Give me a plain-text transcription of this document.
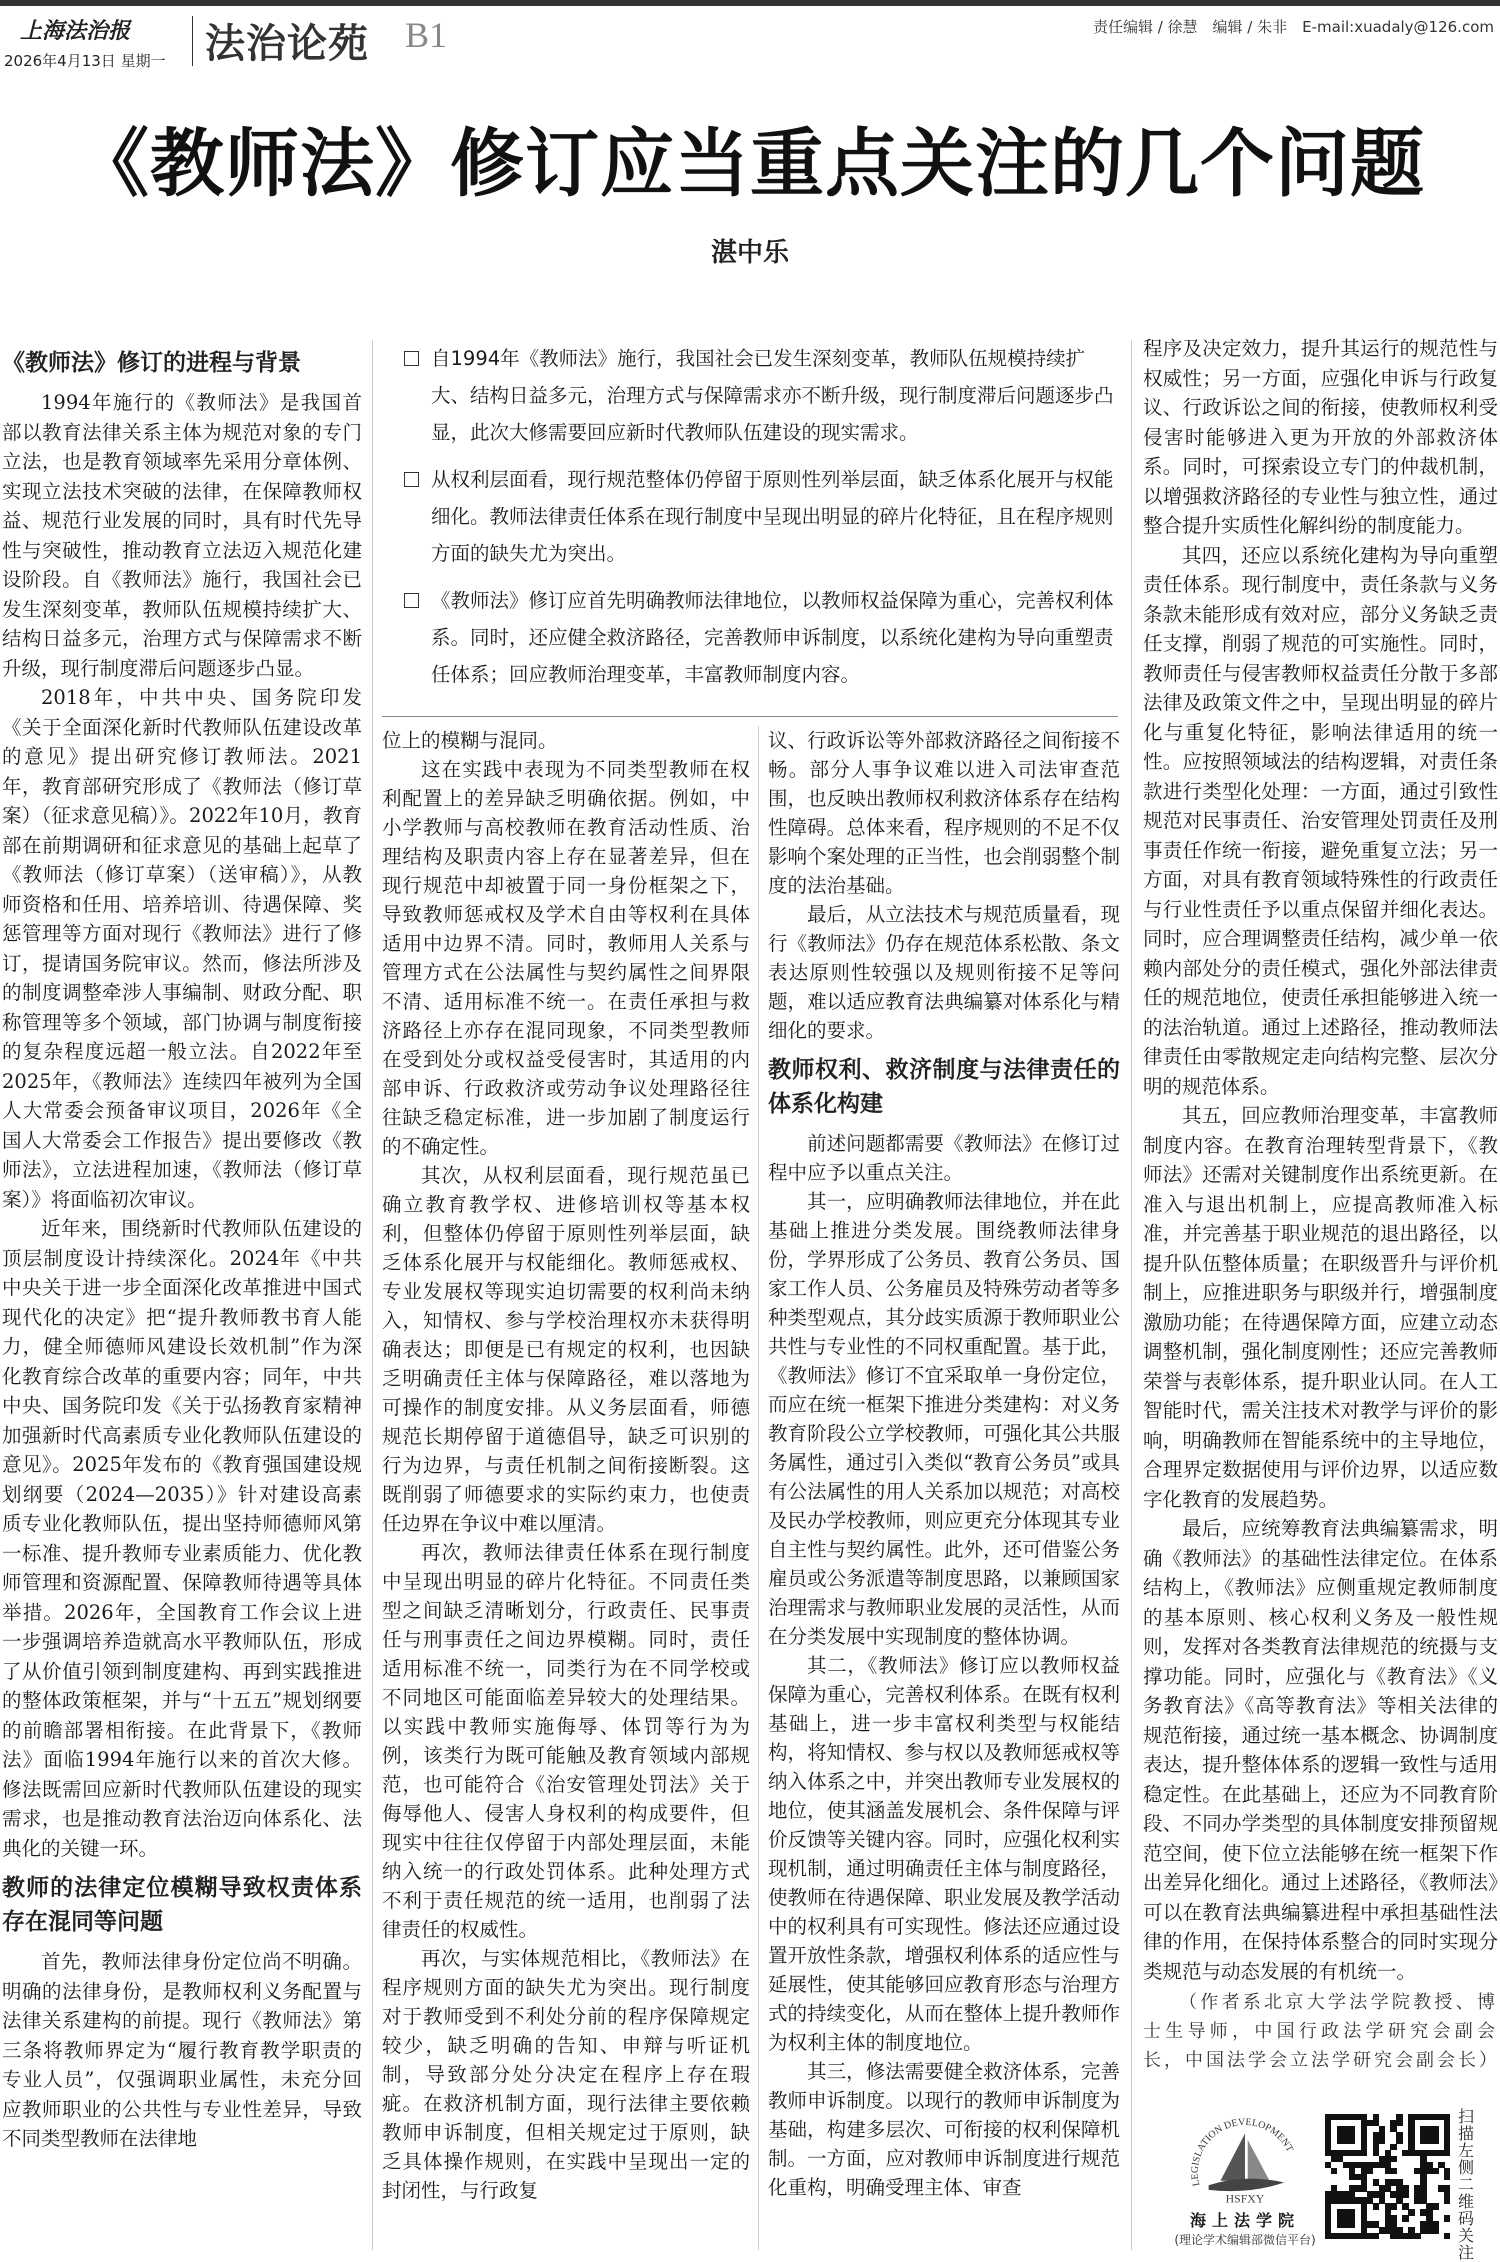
上海法治报
2026年4月13日 星期一 法治论苑 B1	责任编辑 / 徐慧　编辑 / 朱非　E-mail:xuadaly@126.com
《教师法》修订应当重点关注的几个问题
湛中乐
自1994年《教师法》施行，我国社会已发生深刻变革，教师队伍规模持续扩大、结构日益多元，治理方式与保障需求亦不断升级，现行制度滞后问题逐步凸显，此次大修需要回应新时代教师队伍建设的现实需求。
从权利层面看，现行规范整体仍停留于原则性列举层面，缺乏体系化展开与权能细化。教师法律责任体系在现行制度中呈现出明显的碎片化特征，且在程序规则方面的缺失尤为突出。
《教师法》修订应首先明确教师法律地位，以教师权益保障为重心，完善权利体系。同时，还应健全救济路径，完善教师申诉制度，以系统化建构为导向重塑责任体系；回应教师治理变革，丰富教师制度内容。
《教师法》修订的进程与背景

1994年施行的《教师法》是我国首部以教育法律关系主体为规范对象的专门立法，也是教育领域率先采用分章体例、实现立法技术突破的法律，在保障教师权益、规范行业发展的同时，具有时代先导性与突破性，推动教育立法迈入规范化建设阶段。自《教师法》施行，我国社会已发生深刻变革，教师队伍规模持续扩大、结构日益多元，治理方式与保障需求不断升级，现行制度滞后问题逐步凸显。

2018年，中共中央、国务院印发《关于全面深化新时代教师队伍建设改革的意见》提出研究修订教师法。2021年，教育部研究形成了《教师法（修订草案）（征求意见稿）》。2022年10月，教育部在前期调研和征求意见的基础上起草了《教师法（修订草案）（送审稿）》，从教师资格和任用、培养培训、待遇保障、奖惩管理等方面对现行《教师法》进行了修订，提请国务院审议。然而，修法所涉及的制度调整牵涉人事编制、财政分配、职称管理等多个领域，部门协调与制度衔接的复杂程度远超一般立法。自2022年至2025年，《教师法》连续四年被列为全国人大常委会预备审议项目，2026年《全国人大常委会工作报告》提出要修改《教师法》，立法进程加速，《教师法（修订草案）》将面临初次审议。

近年来，围绕新时代教师队伍建设的顶层制度设计持续深化。2024年《中共中央关于进一步全面深化改革推进中国式现代化的决定》把“提升教师教书育人能力，健全师德师风建设长效机制”作为深化教育综合改革的重要内容；同年，中共中央、国务院印发《关于弘扬教育家精神加强新时代高素质专业化教师队伍建设的意见》。2025年发布的《教育强国建设规划纲要（2024—2035）》针对建设高素质专业化教师队伍，提出坚持师德师风第一标准、提升教师专业素质能力、优化教师管理和资源配置、保障教师待遇等具体举措。2026年，全国教育工作会议上进一步强调培养造就高水平教师队伍，形成了从价值引领到制度建构、再到实践推进的整体政策框架，并与“十五五”规划纲要的前瞻部署相衔接。在此背景下，《教师法》面临1994年施行以来的首次大修。修法既需回应新时代教师队伍建设的现实需求，也是推动教育法治迈向体系化、法典化的关键一环。

教师的法律定位模糊导致权责体系存在混同等问题

首先，教师法律身份定位尚不明确。明确的法律身份，是教师权利义务配置与法律关系建构的前提。现行《教师法》第三条将教师界定为“履行教育教学职责的专业人员”，仅强调职业属性，未充分回应教师职业的公共性与专业性差异，导致不同类型教师在法律地

位上的模糊与混同。

这在实践中表现为不同类型教师在权利配置上的差异缺乏明确依据。例如，中小学教师与高校教师在教育活动性质、治理结构及职责内容上存在显著差异，但在现行规范中却被置于同一身份框架之下，导致教师惩戒权及学术自由等权利在具体适用中边界不清。同时，教师用人关系与管理方式在公法属性与契约属性之间界限不清、适用标准不统一。在责任承担与救济路径上亦存在混同现象，不同类型教师在受到处分或权益受侵害时，其适用的内部申诉、行政救济或劳动争议处理路径往往缺乏稳定标准，进一步加剧了制度运行的不确定性。

其次，从权利层面看，现行规范虽已确立教育教学权、进修培训权等基本权利，但整体仍停留于原则性列举层面，缺乏体系化展开与权能细化。教师惩戒权、专业发展权等现实迫切需要的权利尚未纳入，知情权、参与学校治理权亦未获得明确表达；即便是已有规定的权利，也因缺乏明确责任主体与保障路径，难以落地为可操作的制度安排。从义务层面看，师德规范长期停留于道德倡导，缺乏可识别的行为边界，与责任机制之间衔接断裂。这既削弱了师德要求的实际约束力，也使责任边界在争议中难以厘清。

再次，教师法律责任体系在现行制度中呈现出明显的碎片化特征。不同责任类型之间缺乏清晰划分，行政责任、民事责任与刑事责任之间边界模糊。同时，责任适用标准不统一，同类行为在不同学校或不同地区可能面临差异较大的处理结果。以实践中教师实施侮辱、体罚等行为为例，该类行为既可能触及教育领域内部规范，也可能符合《治安管理处罚法》关于侮辱他人、侵害人身权利的构成要件，但现实中往往仅停留于内部处理层面，未能纳入统一的行政处罚体系。此种处理方式不利于责任规范的统一适用，也削弱了法律责任的权威性。

再次，与实体规范相比，《教师法》在程序规则方面的缺失尤为突出。现行制度对于教师受到不利处分前的程序保障规定较少，缺乏明确的告知、申辩与听证机制，导致部分处分决定在程序上存在瑕疵。在救济机制方面，现行法律主要依赖教师申诉制度，但相关规定过于原则，缺乏具体操作规则，在实践中呈现出一定的封闭性，与行政复

议、行政诉讼等外部救济路径之间衔接不畅。部分人事争议难以进入司法审查范围，也反映出教师权利救济体系存在结构性障碍。总体来看，程序规则的不足不仅影响个案处理的正当性，也会削弱整个制度的法治基础。

最后，从立法技术与规范质量看，现行《教师法》仍存在规范体系松散、条文表达原则性较强以及规则衔接不足等问题，难以适应教育法典编纂对体系化与精细化的要求。

教师权利、救济制度与法律责任的体系化构建

前述问题都需要《教师法》在修订过程中应予以重点关注。

其一，应明确教师法律地位，并在此基础上推进分类发展。围绕教师法律身份，学界形成了公务员、教育公务员、国家工作人员、公务雇员及特殊劳动者等多种类型观点，其分歧实质源于教师职业公共性与专业性的不同权重配置。基于此，《教师法》修订不宜采取单一身份定位，而应在统一框架下推进分类建构：对义务教育阶段公立学校教师，可强化其公共服务属性，通过引入类似“教育公务员”或具有公法属性的用人关系加以规范；对高校及民办学校教师，则应更充分体现其专业自主性与契约属性。此外，还可借鉴公务雇员或公务派遣等制度思路，以兼顾国家治理需求与教师职业发展的灵活性，从而在分类发展中实现制度的整体协调。

其二，《教师法》修订应以教师权益保障为重心，完善权利体系。在既有权利基础上，进一步丰富权利类型与权能结构，将知情权、参与权以及教师惩戒权等纳入体系之中，并突出教师专业发展权的地位，使其涵盖发展机会、条件保障与评价反馈等关键内容。同时，应强化权利实现机制，通过明确责任主体与制度路径，使教师在待遇保障、职业发展及教学活动中的权利具有可实现性。修法还应通过设置开放性条款，增强权利体系的适应性与延展性，使其能够回应教育形态与治理方式的持续变化，从而在整体上提升教师作为权利主体的制度地位。

其三，修法需要健全救济体系，完善教师申诉制度。以现行的教师申诉制度为基础，构建多层次、可衔接的权利保障机制。一方面，应对教师申诉制度进行规范化重构，明确受理主体、审查

程序及决定效力，提升其运行的规范性与权威性；另一方面，应强化申诉与行政复议、行政诉讼之间的衔接，使教师权利受侵害时能够进入更为开放的外部救济体系。同时，可探索设立专门的仲裁机制，以增强救济路径的专业性与独立性，通过整合提升实质性化解纠纷的制度能力。

其四，还应以系统化建构为导向重塑责任体系。现行制度中，责任条款与义务条款未能形成有效对应，部分义务缺乏责任支撑，削弱了规范的可实施性。同时，教师责任与侵害教师权益责任分散于多部法律及政策文件之中，呈现出明显的碎片化与重复化特征，影响法律适用的统一性。应按照领域法的结构逻辑，对责任条款进行类型化处理：一方面，通过引致性规范对民事责任、治安管理处罚责任及刑事责任作统一衔接，避免重复立法；另一方面，对具有教育领域特殊性的行政责任与行业性责任予以重点保留并细化表达。同时，应合理调整责任结构，减少单一依赖内部处分的责任模式，强化外部法律责任的规范地位，使责任承担能够进入统一的法治轨道。通过上述路径，推动教师法律责任由零散规定走向结构完整、层次分明的规范体系。

其五，回应教师治理变革，丰富教师制度内容。在教育治理转型背景下，《教师法》还需对关键制度作出系统更新。在准入与退出机制上，应提高教师准入标准，并完善基于职业规范的退出路径，以提升队伍整体质量；在职级晋升与评价机制上，应推进职务与职级并行，增强制度激励功能；在待遇保障方面，应建立动态调整机制，强化制度刚性；还应完善教师荣誉与表彰体系，提升职业认同。在人工智能时代，需关注技术对教学与评价的影响，明确教师在智能系统中的主导地位，合理界定数据使用与评价边界，以适应数字化教育的发展趋势。

最后，应统筹教育法典编纂需求，明确《教师法》的基础性法律定位。在体系结构上，《教师法》应侧重规定教师制度的基本原则、核心权利义务及一般性规则，发挥对各类教育法律规范的统摄与支撑功能。同时，应强化与《教育法》《义务教育法》《高等教育法》等相关法律的规范衔接，通过统一基本概念、协调制度表达，提升整体体系的逻辑一致性与适用稳定性。在此基础上，还应为不同教育阶段、不同办学类型的具体制度安排预留规范空间，使下位立法能够在统一框架下作出差异化细化。通过上述路径，《教师法》可以在教育法典编纂进程中承担基础性法律的作用，在保持体系整合的同时实现分类规范与动态发展的有机统一。

（作者系北京大学法学院教授、博士生导师，中国行政法学研究会副会长，中国法学会立法学研究会副会长）

LEGISLATION DEVELOPMENT
HSFXY
海上法学院
(理论学术编辑部微信平台)
扫描左侧二维码关注
